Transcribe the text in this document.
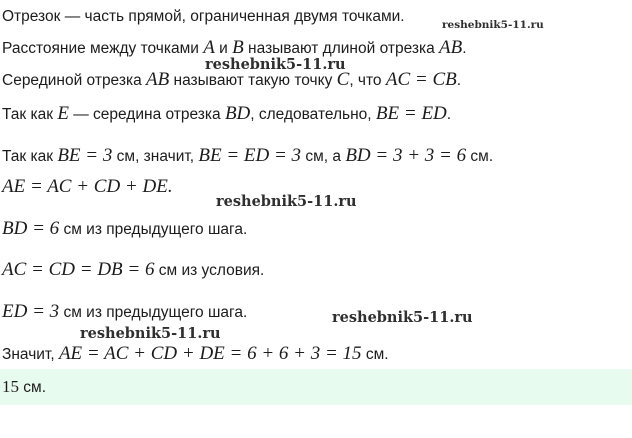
Отрезок — часть прямой, ограниченная двумя точками.	reshebnik5-11.ru
Расстояние между точками A и B называют длиной отрезка AB.
reshebnik5-11.ru
Серединой отрезка AB называют такую точку C, что AC = CB.
Так как E — середина отрезка BD, следовательно, BE = ED.
Так как BE = 3 см, значит, BE = ED = 3 см, а BD = 3 + 3 = 6 см.
AE = AC + CD + DE.
reshebnik5-11.ru
BD = 6 см из предыдущего шага.
AC = CD = DB = 6 см из условия.
ED = 3 см из предыдущего шага.	reshebnik5-11.ru
reshebnik5-11.ru
Значит, AE = AC + CD + DE = 6 + 6 + 3 = 15 см.
15 см.
